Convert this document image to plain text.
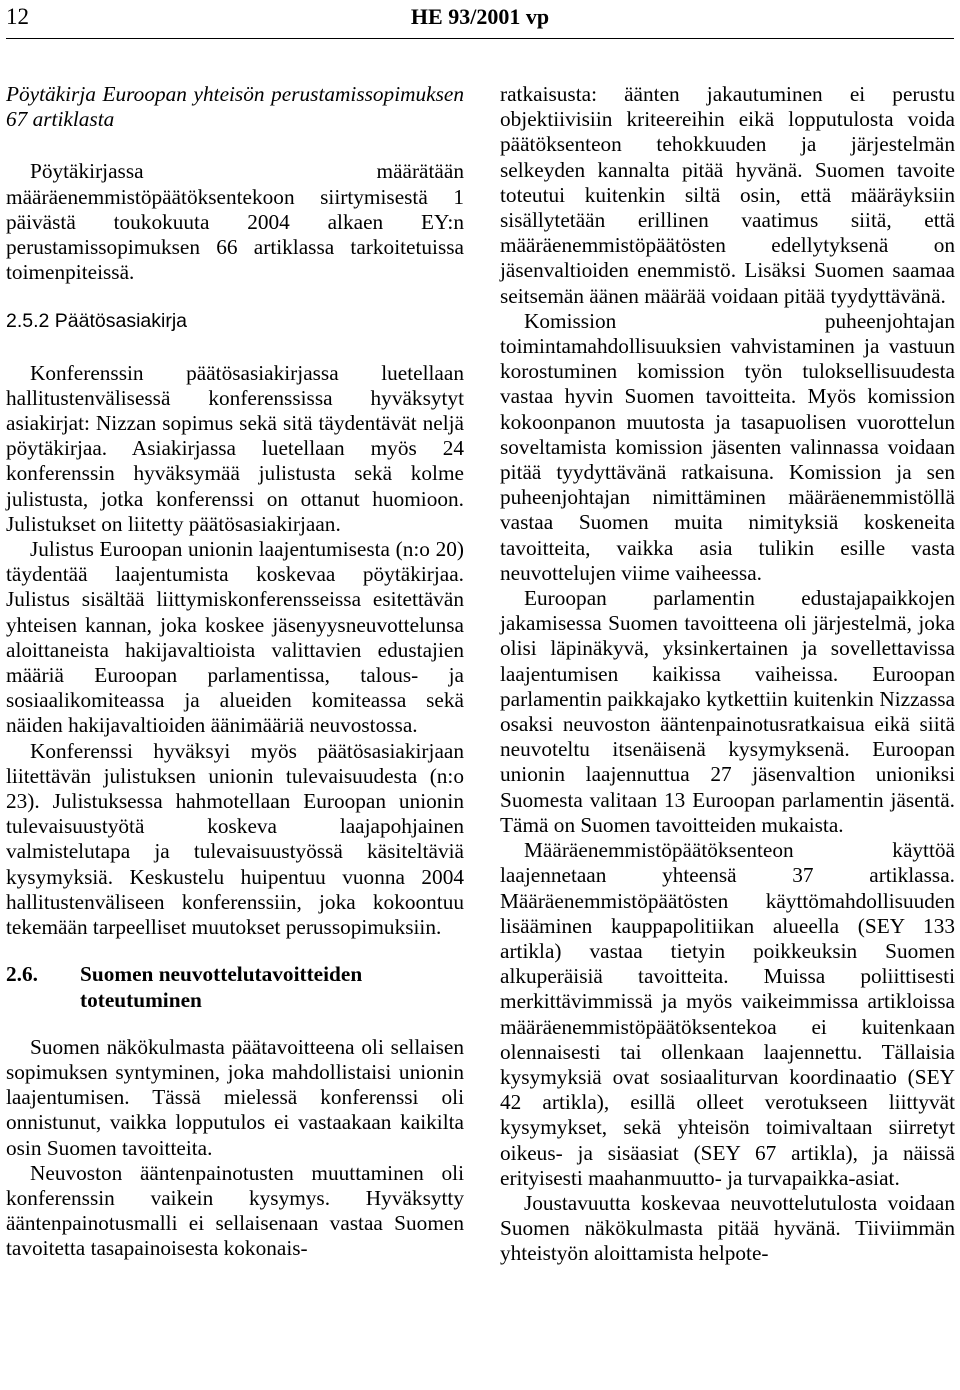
12	HE 93/2001 vp

Pöytäkirja Euroopan yhteisön perustamissopimuksen 67 artiklasta

Pöytäkirjassa määrätään määräenemmistöpäätöksentekoon siirtymisestä 1 päivästä toukokuuta 2004 alkaen EY:n perustamissopimuksen 66 artiklassa tarkoitetuissa toimenpiteissä.

2.5.2 Päätösasiakirja

Konferenssin päätösasiakirjassa luetellaan hallitustenvälisessä konferenssissa hyväksytyt asiakirjat: Nizzan sopimus sekä sitä täydentävät neljä pöytäkirjaa. Asiakirjassa luetellaan myös 24 konferenssin hyväksymää julistusta sekä kolme julistusta, jotka konferenssi on ottanut huomioon. Julistukset on liitetty päätösasiakirjaan.

Julistus Euroopan unionin laajentumisesta (n:o 20) täydentää laajentumista koskevaa pöytäkirjaa. Julistus sisältää liittymiskonferensseissa esitettävän yhteisen kannan, joka koskee jäsenyysneuvottelunsa aloittaneista hakijavaltioista valittavien edustajien määriä Euroopan parlamentissa, talous- ja sosiaalikomiteassa ja alueiden komiteassa sekä näiden hakijavaltioiden äänimääriä neuvostossa.

Konferenssi hyväksyi myös päätösasiakirjaan liitettävän julistuksen unionin tulevaisuudesta (n:o 23). Julistuksessa hahmotellaan Euroopan unionin tulevaisuustyötä koskeva laajapohjainen valmistelutapa ja tulevaisuustyössä käsiteltäviä kysymyksiä. Keskustelu huipentuu vuonna 2004 hallitustenväliseen konferenssiin, joka kokoontuu tekemään tarpeelliset muutokset perussopimuksiin.

2.6.	Suomen neuvottelutavoitteiden toteutuminen

Suomen näkökulmasta päätavoitteena oli sellaisen sopimuksen syntyminen, joka mahdollistaisi unionin laajentumisen. Tässä mielessä konferenssi oli onnistunut, vaikka lopputulos ei vastaakaan kaikilta osin Suomen tavoitteita.

Neuvoston ääntenpainotusten muuttaminen oli konferenssin vaikein kysymys. Hyväksytty ääntenpainotusmalli ei sellaisenaan vastaa Suomen tavoitetta tasapainoisesta kokonais-

ratkaisusta: äänten jakautuminen ei perustu objektiivisiin kriteereihin eikä lopputulosta voida päätöksenteon tehokkuuden ja järjestelmän selkeyden kannalta pitää hyvänä. Suomen tavoite toteutui kuitenkin siltä osin, että määräyksiin sisällytetään erillinen vaatimus siitä, että määräenemmistöpäätösten edellytyksenä on jäsenvaltioiden enemmistö. Lisäksi Suomen saamaa seitsemän äänen määrää voidaan pitää tyydyttävänä.

Komission puheenjohtajan toimintamahdollisuuksien vahvistaminen ja vastuun korostuminen komission työn tuloksellisuudesta vastaa hyvin Suomen tavoitteita. Myös komission kokoonpanon muutosta ja tasapuolisen vuorottelun soveltamista komission jäsenten valinnassa voidaan pitää tyydyttävänä ratkaisuna. Komission ja sen puheenjohtajan nimittäminen määräenemmistöllä vastaa Suomen muita nimityksiä koskeneita tavoitteita, vaikka asia tulikin esille vasta neuvottelujen viime vaiheessa.

Euroopan parlamentin edustajapaikkojen jakamisessa Suomen tavoitteena oli järjestelmä, joka olisi läpinäkyvä, yksinkertainen ja sovellettavissa laajentumisen kaikissa vaiheissa. Euroopan parlamentin paikkajako kytkettiin kuitenkin Nizzassa osaksi neuvoston ääntenpainotusratkaisua eikä siitä neuvoteltu itsenäisenä kysymyksenä. Euroopan unionin laajennuttua 27 jäsenvaltion unioniksi Suomesta valitaan 13 Euroopan parlamentin jäsentä. Tämä on Suomen tavoitteiden mukaista.

Määräenemmistöpäätöksenteon käyttöä laajennetaan yhteensä 37 artiklassa. Määräenemmistöpäätösten käyttömahdollisuuden lisääminen kauppapolitiikan alueella (SEY 133 artikla) vastaa tietyin poikkeuksin Suomen alkuperäisiä tavoitteita. Muissa poliittisesti merkittävimmissä ja myös vaikeimmissa artikloissa määräenemmistöpäätöksentekoa ei kuitenkaan olennaisesti tai ollenkaan laajennettu. Tällaisia kysymyksiä ovat sosiaaliturvan koordinaatio (SEY 42 artikla), esillä olleet verotukseen liittyvät kysymykset, sekä yhteisön toimivaltaan siirretyt oikeus- ja sisäasiat (SEY 67 artikla), ja näissä erityisesti maahanmuutto- ja turvapaikka-asiat.

Joustavuutta koskevaa neuvottelutulosta voidaan Suomen näkökulmasta pitää hyvänä. Tiiviimmän yhteistyön aloittamista helpote-
